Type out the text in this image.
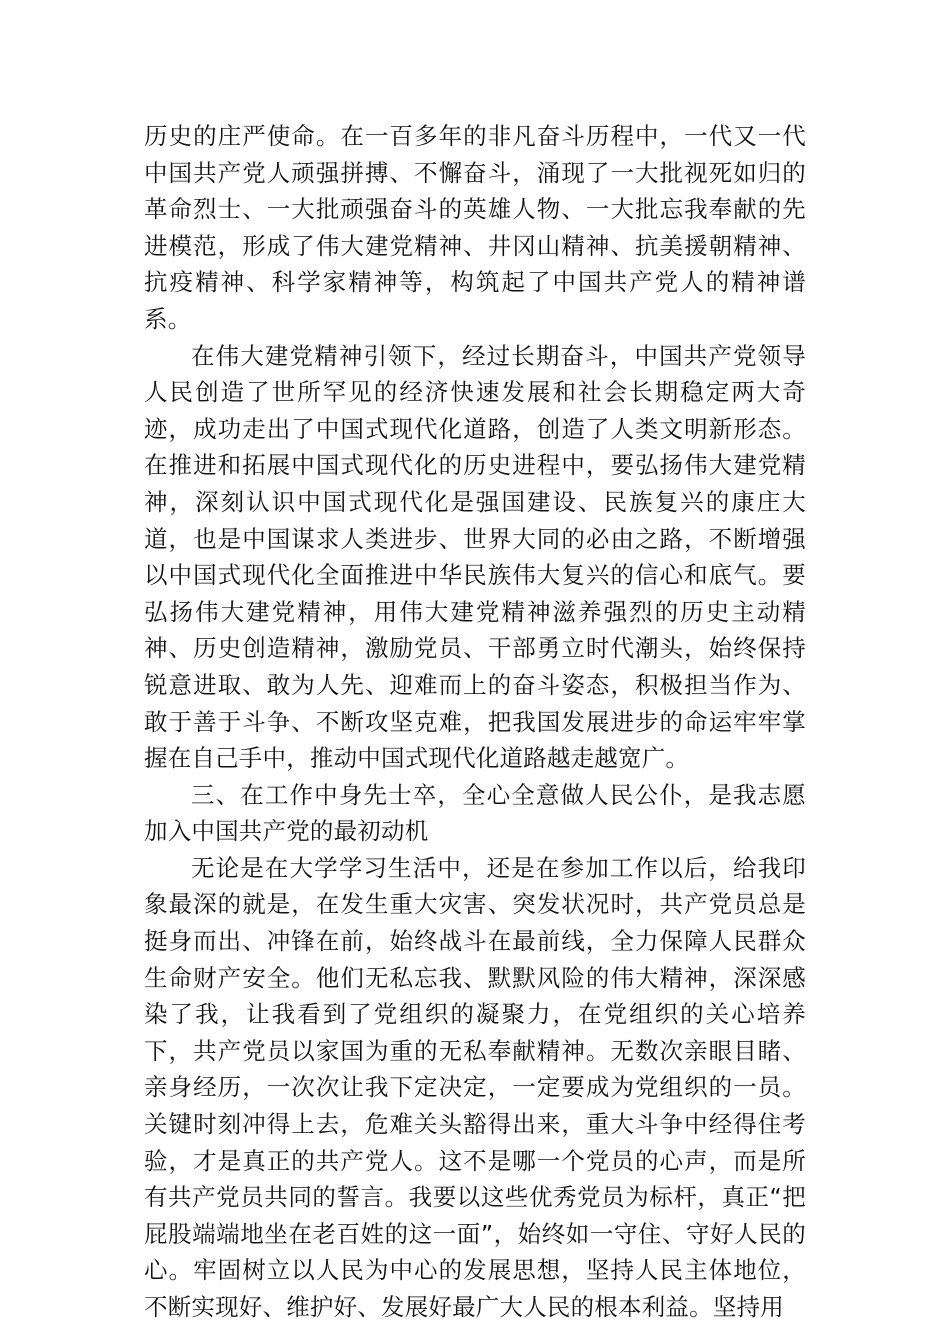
历史的庄严使命。在一百多年的非凡奋斗历程中，一代又一代中国共产党人顽强拼搏、不懈奋斗，涌现了一大批视死如归的革命烈士、一大批顽强奋斗的英雄人物、一大批忘我奉献的先进模范，形成了伟大建党精神、井冈山精神、抗美援朝精神、抗疫精神、科学家精神等，构筑起了中国共产党人的精神谱系。

在伟大建党精神引领下，经过长期奋斗，中国共产党领导人民创造了世所罕见的经济快速发展和社会长期稳定两大奇迹，成功走出了中国式现代化道路，创造了人类文明新形态。在推进和拓展中国式现代化的历史进程中，要弘扬伟大建党精神，深刻认识中国式现代化是强国建设、民族复兴的康庄大道，也是中国谋求人类进步、世界大同的必由之路，不断增强以中国式现代化全面推进中华民族伟大复兴的信心和底气。要弘扬伟大建党精神，用伟大建党精神滋养强烈的历史主动精神、历史创造精神，激励党员、干部勇立时代潮头，始终保持锐意进取、敢为人先、迎难而上的奋斗姿态，积极担当作为、敢于善于斗争、不断攻坚克难，把我国发展进步的命运牢牢掌握在自己手中，推动中国式现代化道路越走越宽广。

三、在工作中身先士卒，全心全意做人民公仆，是我志愿加入中国共产党的最初动机

无论是在大学学习生活中，还是在参加工作以后，给我印象最深的就是，在发生重大灾害、突发状况时，共产党员总是挺身而出、冲锋在前，始终战斗在最前线，全力保障人民群众生命财产安全。他们无私忘我、默默风险的伟大精神，深深感染了我，让我看到了党组织的凝聚力，在党组织的关心培养下，共产党员以家国为重的无私奉献精神。无数次亲眼目睹、亲身经历，一次次让我下定决定，一定要成为党组织的一员。关键时刻冲得上去，危难关头豁得出来，重大斗争中经得住考验，才是真正的共产党人。这不是哪一个党员的心声，而是所有共产党员共同的誓言。我要以这些优秀党员为标杆，真正“把屁股端端地坐在老百姓的这一面”，始终如一守住、守好人民的心。牢固树立以人民为中心的发展思想，坚持人民主体地位，不断实现好、维护好、发展好最广大人民的根本利益。坚持用
